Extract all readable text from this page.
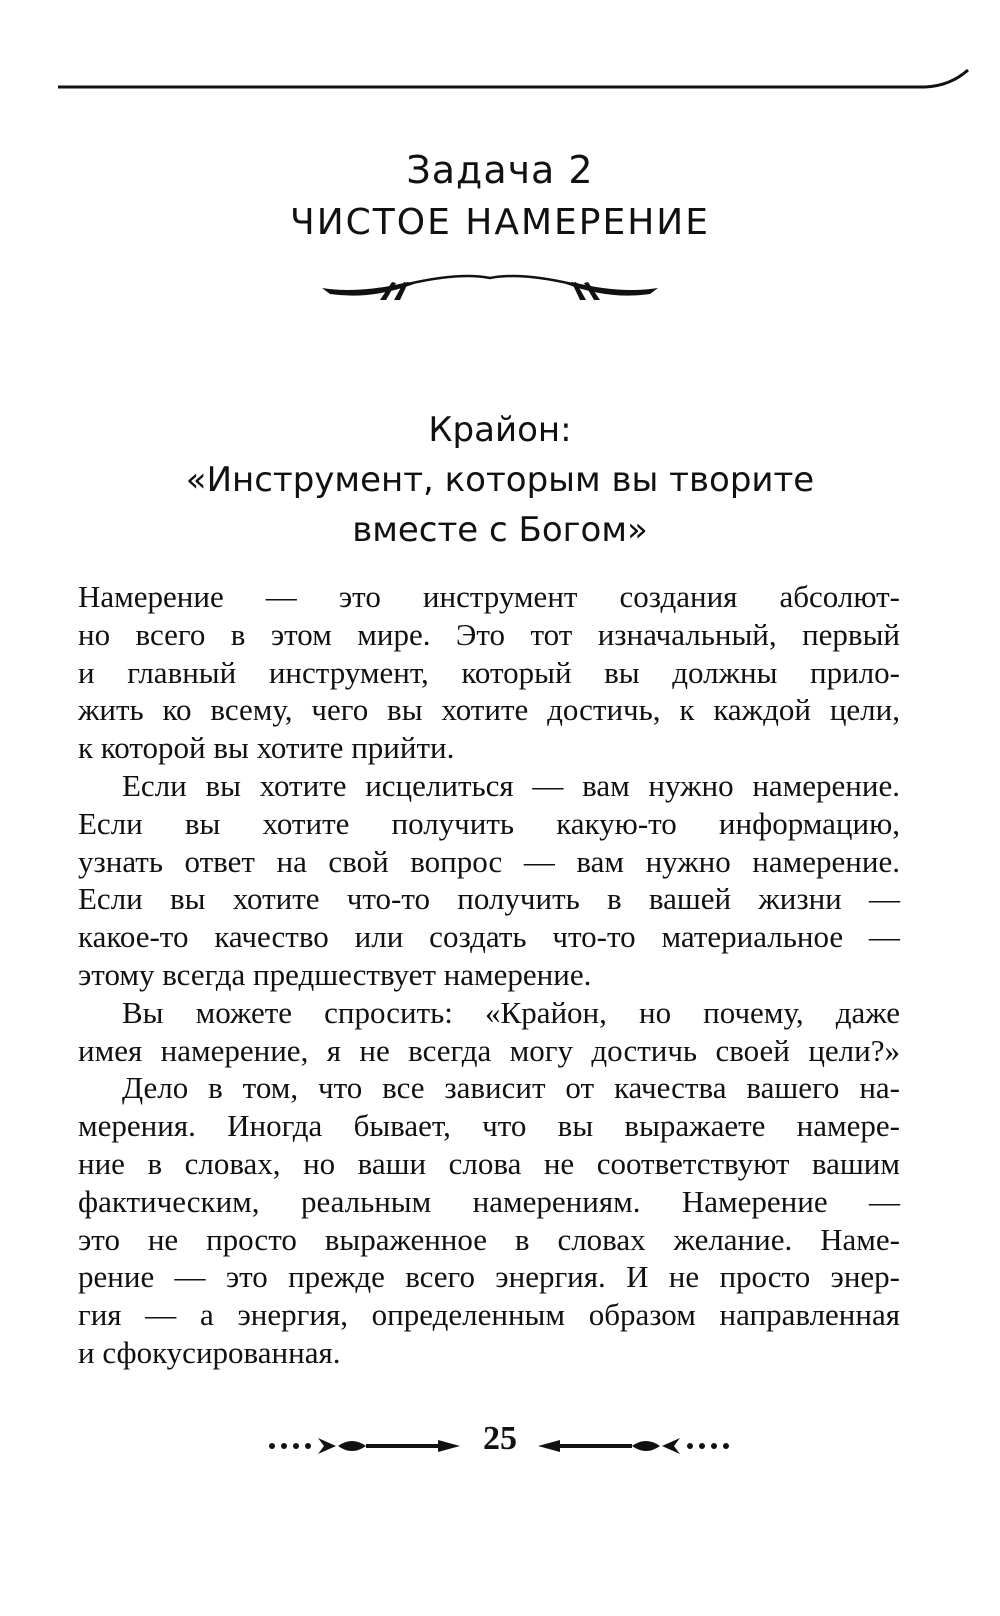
Задача 2
ЧИСТОЕ НАМЕРЕНИЕ
Крайон:
«Инструмент, которым вы творите
вместе с Богом»
Намерение — это инструмент создания абсолют-
но всего в этом мире. Это тот изначальный, первый
и главный инструмент, который вы должны прило-
жить ко всему, чего вы хотите достичь, к каждой цели,
к которой вы хотите прийти.
Если вы хотите исцелиться — вам нужно намерение.
Если вы хотите получить какую-то информацию,
узнать ответ на свой вопрос — вам нужно намерение.
Если вы хотите что-то получить в вашей жизни —
какое-то качество или создать что-то материальное —
этому всегда предшествует намерение.
Вы можете спросить: «Крайон, но почему, даже
имея намерение, я не всегда могу достичь своей цели?»
Дело в том, что все зависит от качества вашего на-
мерения. Иногда бывает, что вы выражаете намере-
ние в словах, но ваши слова не соответствуют вашим
фактическим, реальным намерениям. Намерение —
это не просто выраженное в словах желание. Наме-
рение — это прежде всего энергия. И не просто энер-
гия — а энергия, определенным образом направленная
и сфокусированная.
25
